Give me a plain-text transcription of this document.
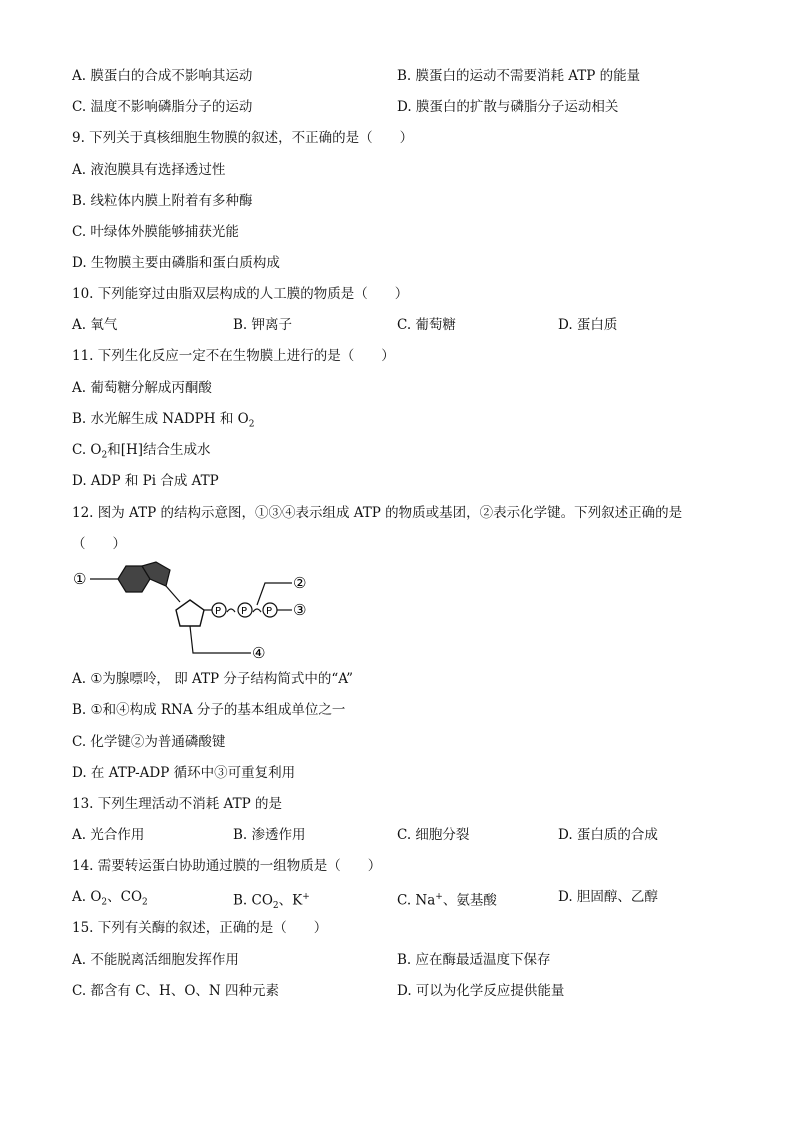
A. 膜蛋白的合成不影响其运动	B. 膜蛋白的运动不需要消耗 ATP 的能量
C. 温度不影响磷脂分子的运动	D. 膜蛋白的扩散与磷脂分子运动相关
9. 下列关于真核细胞生物膜的叙述，不正确的是（　　）
A. 液泡膜具有选择透过性
B. 线粒体内膜上附着有多种酶
C. 叶绿体外膜能够捕获光能
D. 生物膜主要由磷脂和蛋白质构成
10. 下列能穿过由脂双层构成的人工膜的物质是（　　）
A. 氧气	B. 钾离子	C. 葡萄糖	D. 蛋白质
11. 下列生化反应一定不在生物膜上进行的是（　　）
A. 葡萄糖分解成丙酮酸
B. 水光解生成 NADPH 和 $O_2$
C. $O_2$和[H]结合生成水
D. ADP 和 Pi 合成 ATP
12. 图为 ATP 的结构示意图，①③④表示组成 ATP 的物质或基团，②表示化学键。下列叙述正确的是
（　　）
①
P P P ③
②
④
A. ①为腺嘌呤， 即 ATP 分子结构简式中的“A”
B. ①和④构成 RNA 分子的基本组成单位之一
C. 化学键②为普通磷酸键
D. 在 ATP-ADP 循环中③可重复利用
13. 下列生理活动不消耗 ATP 的是
A. 光合作用	B. 渗透作用	C. 细胞分裂	D. 蛋白质的合成
14. 需要转运蛋白协助通过膜的一组物质是（　　）
A. $O_2$、$CO_2$	B. $CO_2$、K+	C. Na+、氨基酸	D. 胆固醇、乙醇
15. 下列有关酶的叙述，正确的是（　　）
A. 不能脱离活细胞发挥作用	B. 应在酶最适温度下保存
C. 都含有 C、H、O、N 四种元素	D. 可以为化学反应提供能量
